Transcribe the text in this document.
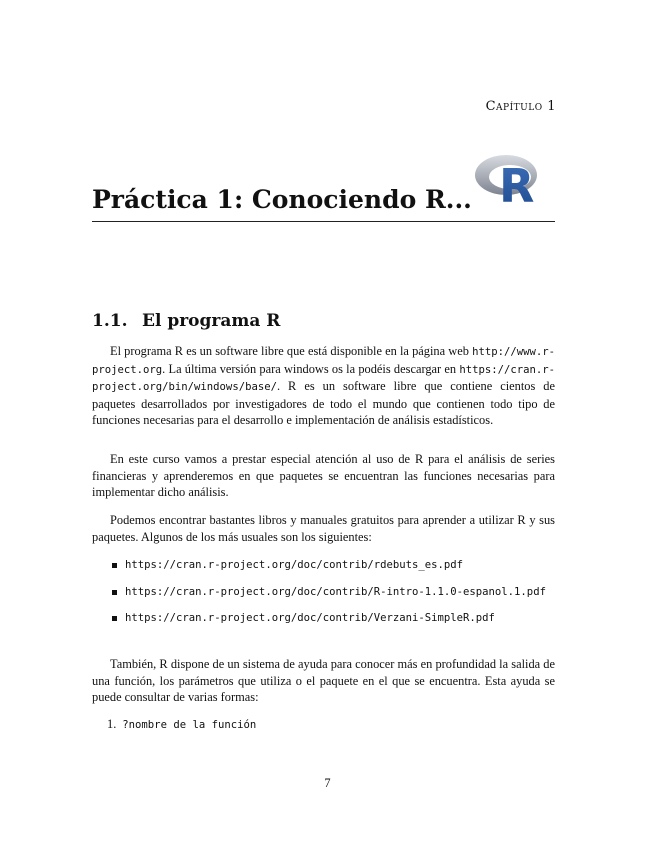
Capítulo 1
Práctica 1: Conociendo R... R
1.1. El programa R

El programa R es un software libre que está disponible en la página web http://www.r-project.org. La última versión para windows os la podéis descargar en https://cran.r-project.org/bin/windows/base/. R es un software libre que contiene cientos de paquetes desarrollados por investigadores de todo el mundo que contienen todo tipo de funciones necesarias para el desarrollo e implementación de análisis estadísticos.

En este curso vamos a prestar especial atención al uso de R para el análisis de series financieras y aprenderemos en que paquetes se encuentran las funciones necesarias para implementar dicho análisis.

Podemos encontrar bastantes libros y manuales gratuitos para aprender a utilizar R y sus paquetes. Algunos de los más usuales son los siguientes:

https://cran.r-project.org/doc/contrib/rdebuts_es.pdf
https://cran.r-project.org/doc/contrib/R-intro-1.1.0-espanol.1.pdf
https://cran.r-project.org/doc/contrib/Verzani-SimpleR.pdf

También, R dispone de un sistema de ayuda para conocer más en profundidad la salida de una función, los parámetros que utiliza o el paquete en el que se encuentra. Esta ayuda se puede consultar de varias formas:

1. ?nombre de la función
7
